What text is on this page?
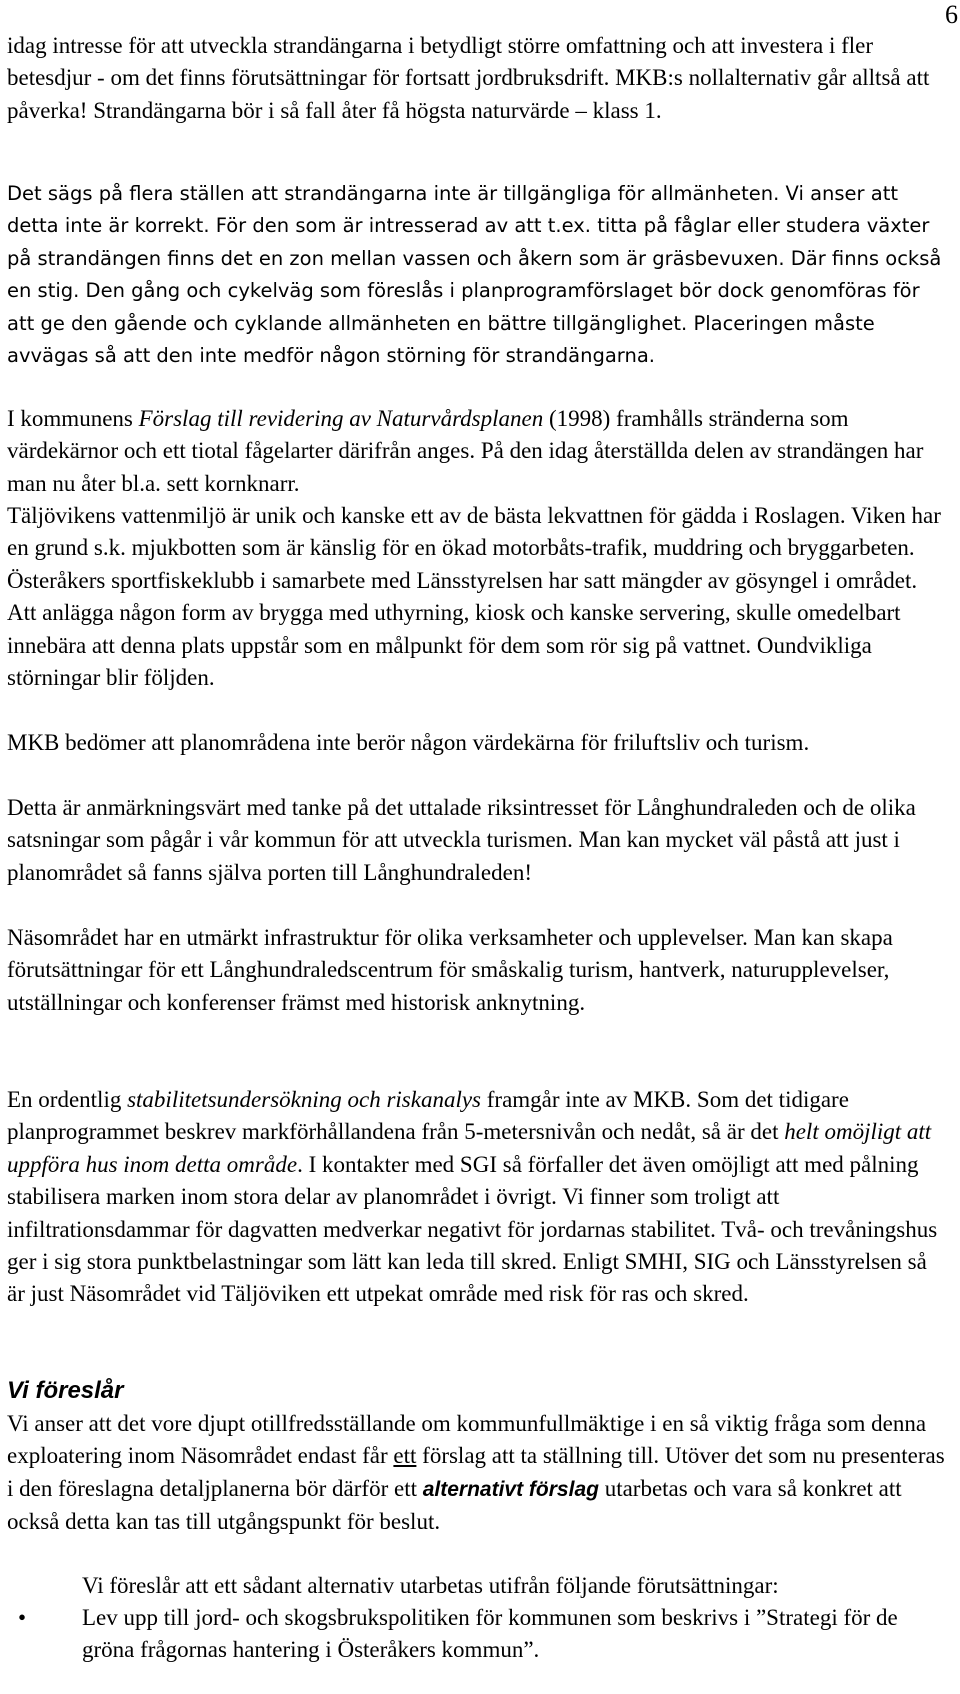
6

idag intresse för att utveckla strandängarna i betydligt större omfattning och att investera i fler betesdjur - om det finns förutsättningar för fortsatt jordbruksdrift. MKB:s nollalternativ går alltså att påverka! Strandängarna bör i så fall åter få högsta naturvärde – klass 1.

Det sägs på flera ställen att strandängarna inte är tillgängliga för allmänheten. Vi anser att detta inte är korrekt. För den som är intresserad av att t.ex. titta på fåglar eller studera växter på strandängen finns det en zon mellan vassen och åkern som är gräsbevuxen. Där finns också en stig. Den gång och cykelväg som föreslås i planprogramförslaget bör dock genomföras för att ge den gående och cyklande allmänheten en bättre tillgänglighet. Placeringen måste avvägas så att den inte medför någon störning för strandängarna.

I kommunens Förslag till revidering av Naturvårdsplanen (1998) framhålls stränderna som värdekärnor och ett tiotal fågelarter därifrån anges. På den idag återställda delen av strandängen har man nu åter bl.a. sett kornknarr.

Täljövikens vattenmiljö är unik och kanske ett av de bästa lekvattnen för gädda i Roslagen. Viken har en grund s.k. mjukbotten som är känslig för en ökad motorbåts-trafik, muddring och bryggarbeten. Österåkers sportfiskeklubb i samarbete med Länsstyrelsen har satt mängder av gösyngel i området. Att anlägga någon form av brygga med uthyrning, kiosk och kanske servering, skulle omedelbart innebära att denna plats uppstår som en målpunkt för dem som rör sig på vattnet. Oundvikliga störningar blir följden.

MKB bedömer att planområdena inte berör någon värdekärna för friluftsliv och turism.

Detta är anmärkningsvärt med tanke på det uttalade riksintresset för Långhundraleden och de olika satsningar som pågår i vår kommun för att utveckla turismen. Man kan mycket väl påstå att just i planområdet så fanns själva porten till Långhundraleden!

Näsområdet har en utmärkt infrastruktur för olika verksamheter och upplevelser. Man kan skapa förutsättningar för ett Långhundraledscentrum för småskalig turism, hantverk, naturupplevelser, utställningar och konferenser främst med historisk anknytning.

En ordentlig stabilitetsundersökning och riskanalys framgår inte av MKB. Som det tidigare planprogrammet beskrev markförhållandena från 5-metersnivån och nedåt, så är det helt omöjligt att uppföra hus inom detta område. I kontakter med SGI så förfaller det även omöjligt att med pålning stabilisera marken inom stora delar av planområdet i övrigt. Vi finner som troligt att infiltrationsdammar för dagvatten medverkar negativt för jordarnas stabilitet. Två- och trevåningshus ger i sig stora punktbelastningar som lätt kan leda till skred. Enligt SMHI, SIG och Länsstyrelsen så är just Näsområdet vid Täljöviken ett utpekat område med risk för ras och skred.

Vi föreslår

Vi anser att det vore djupt otillfredsställande om kommunfullmäktige i en så viktig fråga som denna exploatering inom Näsområdet endast får ett förslag att ta ställning till. Utöver det som nu presenteras i den föreslagna detaljplanerna bör därför ett alternativt förslag utarbetas och vara så konkret att också detta kan tas till utgångspunkt för beslut.

Vi föreslår att ett sådant alternativ utarbetas utifrån följande förutsättningar:

• Lev upp till jord- och skogsbrukspolitiken för kommunen som beskrivs i ”Strategi för de gröna frågornas hantering i Österåkers kommun”.
